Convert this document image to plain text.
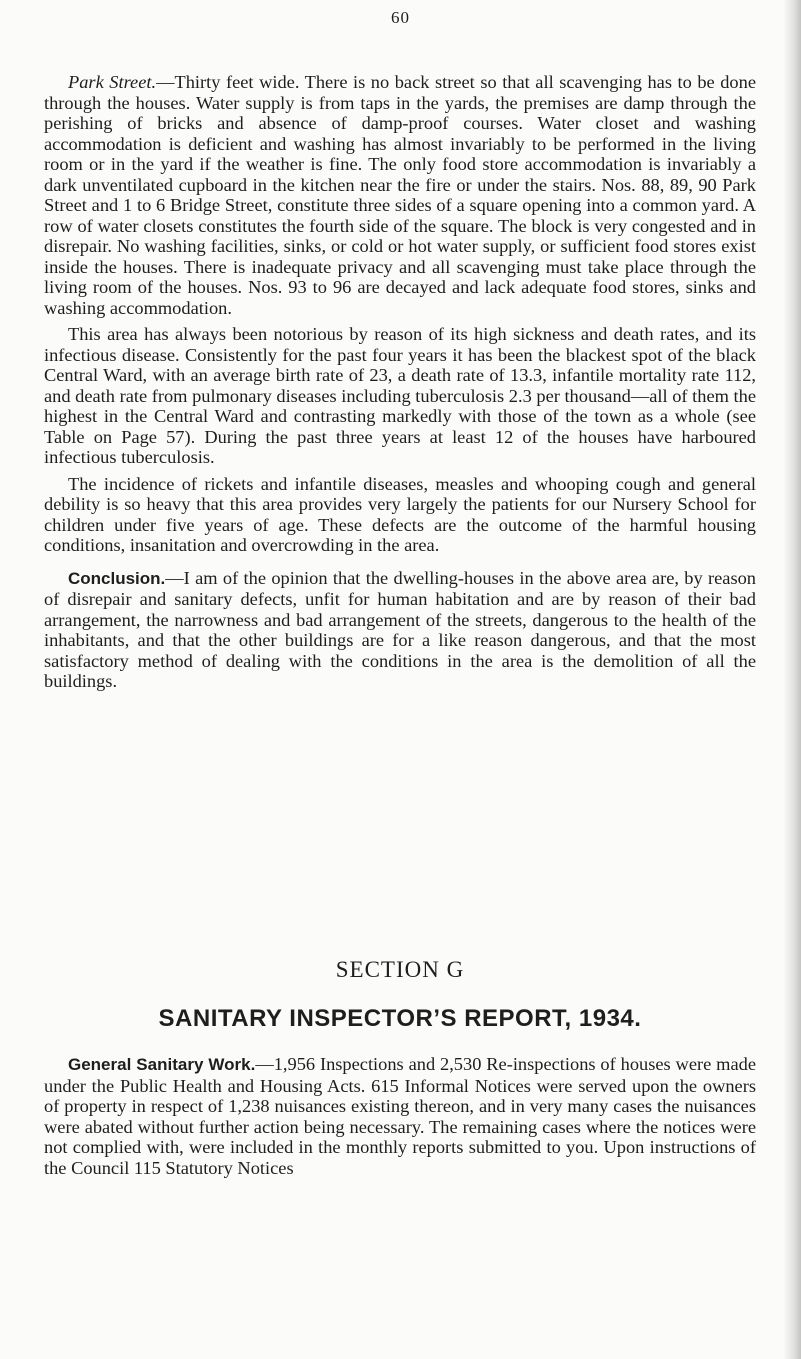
60

Park Street.—Thirty feet wide. There is no back street so that all scavenging has to be done through the houses. Water supply is from taps in the yards, the premises are damp through the perishing of bricks and absence of damp-proof courses. Water closet and washing accommodation is deficient and washing has almost invariably to be performed in the living room or in the yard if the weather is fine. The only food store accommodation is invariably a dark unventilated cupboard in the kitchen near the fire or under the stairs. Nos. 88, 89, 90 Park Street and 1 to 6 Bridge Street, constitute three sides of a square opening into a common yard. A row of water closets constitutes the fourth side of the square. The block is very congested and in disrepair. No washing facilities, sinks, or cold or hot water supply, or sufficient food stores exist inside the houses. There is inadequate privacy and all scavenging must take place through the living room of the houses. Nos. 93 to 96 are decayed and lack adequate food stores, sinks and washing accommodation.

This area has always been notorious by reason of its high sickness and death rates, and its infectious disease. Consistently for the past four years it has been the blackest spot of the black Central Ward, with an average birth rate of 23, a death rate of 13.3, infantile mortality rate 112, and death rate from pulmonary diseases including tuberculosis 2.3 per thousand—all of them the highest in the Central Ward and contrasting markedly with those of the town as a whole (see Table on Page 57). During the past three years at least 12 of the houses have harboured infectious tuberculosis.

The incidence of rickets and infantile diseases, measles and whooping cough and general debility is so heavy that this area provides very largely the patients for our Nursery School for children under five years of age. These defects are the outcome of the harmful housing conditions, insanitation and overcrowding in the area.

Conclusion.—I am of the opinion that the dwelling-houses in the above area are, by reason of disrepair and sanitary defects, unfit for human habitation and are by reason of their bad arrangement, the narrowness and bad arrangement of the streets, dangerous to the health of the inhabitants, and that the other buildings are for a like reason dangerous, and that the most satisfactory method of dealing with the conditions in the area is the demolition of all the buildings.

SECTION G
SANITARY INSPECTOR’S REPORT, 1934.

General Sanitary Work.—1,956 Inspections and 2,530 Re-inspections of houses were made under the Public Health and Housing Acts. 615 Informal Notices were served upon the owners of property in respect of 1,238 nuisances existing thereon, and in very many cases the nuisances were abated without further action being necessary. The remaining cases where the notices were not complied with, were included in the monthly reports submitted to you. Upon instructions of the Council 115 Statutory Notices
